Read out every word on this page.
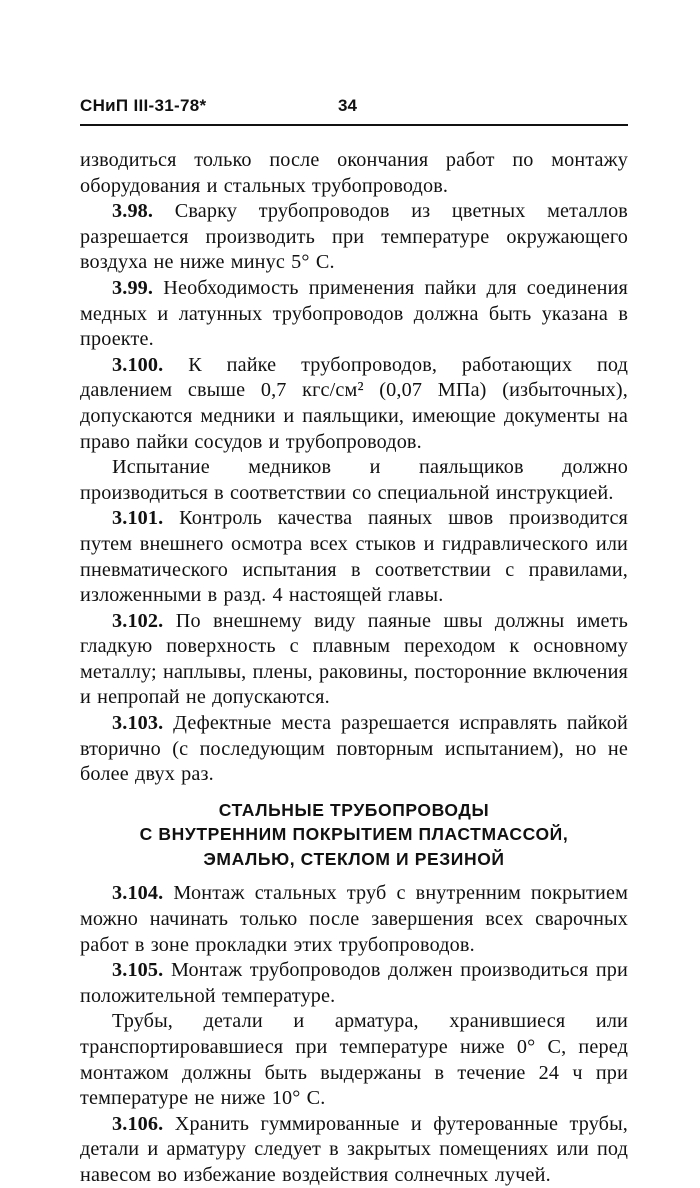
СНиП III-31-78*	34

изводиться только после окончания работ по монтажу оборудования и стальных трубопроводов.

3.98. Сварку трубопроводов из цветных металлов разрешается производить при температуре окружающего воздуха не ниже минус 5° С.

3.99. Необходимость применения пайки для соединения медных и латунных трубопроводов должна быть указана в проекте.

3.100. К пайке трубопроводов, работающих под давлением свыше 0,7 кгс/см² (0,07 МПа) (избыточных), допускаются медники и паяльщики, имеющие документы на право пайки сосудов и трубопроводов.

Испытание медников и паяльщиков должно производиться в соответствии со специальной инструкцией.

3.101. Контроль качества паяных швов производится путем внешнего осмотра всех стыков и гидравлического или пневматического испытания в соответствии с правилами, изложенными в разд. 4 настоящей главы.

3.102. По внешнему виду паяные швы должны иметь гладкую поверхность с плавным переходом к основному металлу; наплывы, плены, раковины, посторонние включения и непропай не допускаются.

3.103. Дефектные места разрешается исправлять пайкой вторично (с последующим повторным испытанием), но не более двух раз.

СТАЛЬНЫЕ ТРУБОПРОВОДЫ
С ВНУТРЕННИМ ПОКРЫТИЕМ ПЛАСТМАССОЙ,
ЭМАЛЬЮ, СТЕКЛОМ И РЕЗИНОЙ

3.104. Монтаж стальных труб с внутренним покрытием можно начинать только после завершения всех сварочных работ в зоне прокладки этих трубопроводов.

3.105. Монтаж трубопроводов должен производиться при положительной температуре.

Трубы, детали и арматура, хранившиеся или транспортировавшиеся при температуре ниже 0° С, перед монтажом должны быть выдержаны в течение 24 ч при температуре не ниже 10° С.

3.106. Хранить гуммированные и футерованные трубы, детали и арматуру следует в закрытых помещениях или под навесом во избежание воздействия солнечных лучей.
